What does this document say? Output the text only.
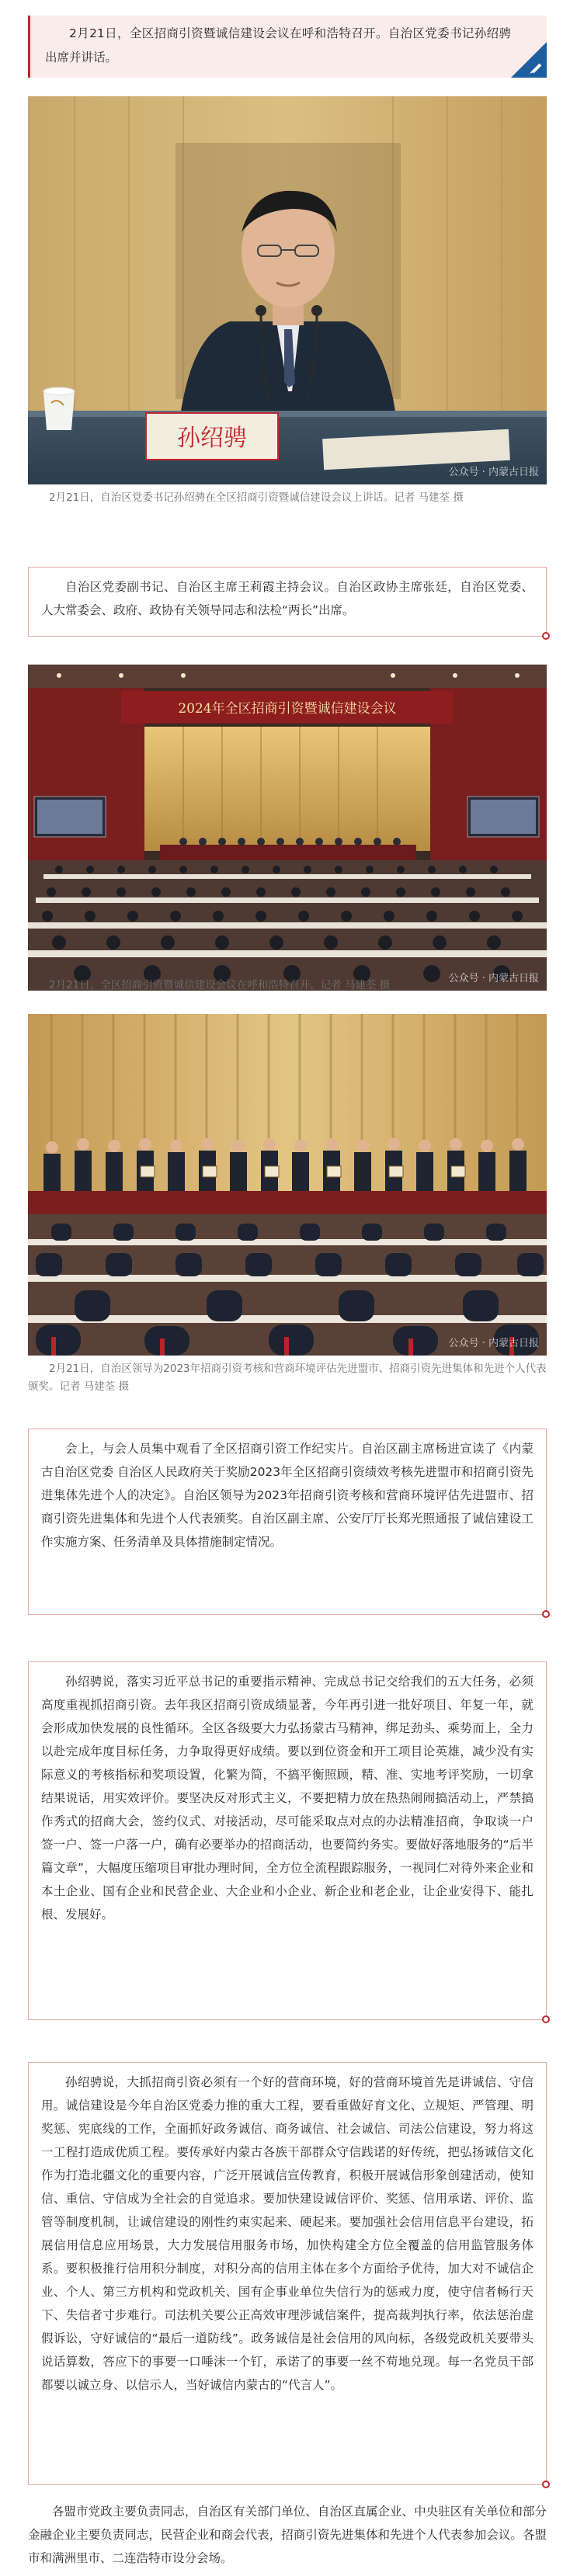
2月21日，全区招商引资暨诚信建设会议在呼和浩特召开。自治区党委书记孙绍骋出席并讲话。

孙绍骋
公众号 · 内蒙古日报
2月21日，自治区党委书记孙绍骋在全区招商引资暨诚信建设会议上讲话。记者 马建荃 摄

自治区党委副书记、自治区主席王莉霞主持会议。自治区政协主席张廷，自治区党委、人大常委会、政府、政协有关领导同志和法检“两长”出席。

2024年全区招商引资暨诚信建设会议
公众号 · 内蒙古日报
2月21日，全区招商引资暨诚信建设会议在呼和浩特召开。记者 马建荃 摄
公众号 · 内蒙古日报
2月21日，自治区领导为2023年招商引资考核和营商环境评估先进盟市、招商引资先进集体和先进个人代表颁奖。记者 马建荃 摄

会上，与会人员集中观看了全区招商引资工作纪实片。自治区副主席杨进宣读了《内蒙古自治区党委 自治区人民政府关于奖励2023年全区招商引资绩效考核先进盟市和招商引资先进集体先进个人的决定》。自治区领导为2023年招商引资考核和营商环境评估先进盟市、招商引资先进集体和先进个人代表颁奖。自治区副主席、公安厅厅长郑光照通报了诚信建设工作实施方案、任务清单及具体措施制定情况。

孙绍骋说，落实习近平总书记的重要指示精神、完成总书记交给我们的五大任务，必须高度重视抓招商引资。去年我区招商引资成绩显著，今年再引进一批好项目、年复一年，就会形成加快发展的良性循环。全区各级要大力弘扬蒙古马精神，绑足劲头、乘势而上，全力以赴完成年度目标任务，力争取得更好成绩。要以到位资金和开工项目论英雄，减少没有实际意义的考核指标和奖项设置，化繁为简，不搞平衡照顾，精、准、实地考评奖励，一切拿结果说话，用实效评价。要坚决反对形式主义，不要把精力放在热热闹闹搞活动上，严禁搞作秀式的招商大会，签约仪式、对接活动，尽可能采取点对点的办法精准招商，争取谈一户签一户、签一户落一户，确有必要举办的招商活动，也要简约务实。要做好落地服务的“后半篇文章”，大幅度压缩项目审批办理时间，全方位全流程跟踪服务，一视同仁对待外来企业和本土企业、国有企业和民营企业、大企业和小企业、新企业和老企业，让企业安得下、能扎根、发展好。

孙绍骋说，大抓招商引资必须有一个好的营商环境，好的营商环境首先是讲诚信、守信用。诚信建设是今年自治区党委力推的重大工程，要看重做好育文化、立规矩、严管理、明奖惩、宪底线的工作，全面抓好政务诚信、商务诚信、社会诚信、司法公信建设，努力将这一工程打造成优质工程。要传承好内蒙古各族干部群众守信践诺的好传统，把弘扬诚信文化作为打造北疆文化的重要内容，广泛开展诚信宣传教育，积极开展诚信形象创建活动，使知信、重信、守信成为全社会的自觉追求。要加快建设诚信评价、奖惩、信用承诺、评价、监管等制度机制，让诚信建设的刚性约束实起来、硬起来。要加强社会信用信息平台建设，拓展信用信息应用场景，大力发展信用服务市场，加快构建全方位全覆盖的信用监管服务体系。要积极推行信用积分制度，对积分高的信用主体在多个方面给予优待，加大对不诚信企业、个人、第三方机构和党政机关、国有企事业单位失信行为的惩戒力度，使守信者畅行天下、失信者寸步难行。司法机关要公正高效审理涉诚信案件，提高裁判执行率，依法惩治虚假诉讼，守好诚信的“最后一道防线”。政务诚信是社会信用的风向标，各级党政机关要带头说话算数，答应下的事要一口唾沫一个钉，承诺了的事要一丝不苟地兑现。每一名党员干部都要以诚立身、以信示人，当好诚信内蒙古的“代言人”。

各盟市党政主要负责同志，自治区有关部门单位、自治区直属企业、中央驻区有关单位和部分金融企业主要负责同志，民营企业和商会代表，招商引资先进集体和先进个人代表参加会议。各盟市和满洲里市、二连浩特市设分会场。
